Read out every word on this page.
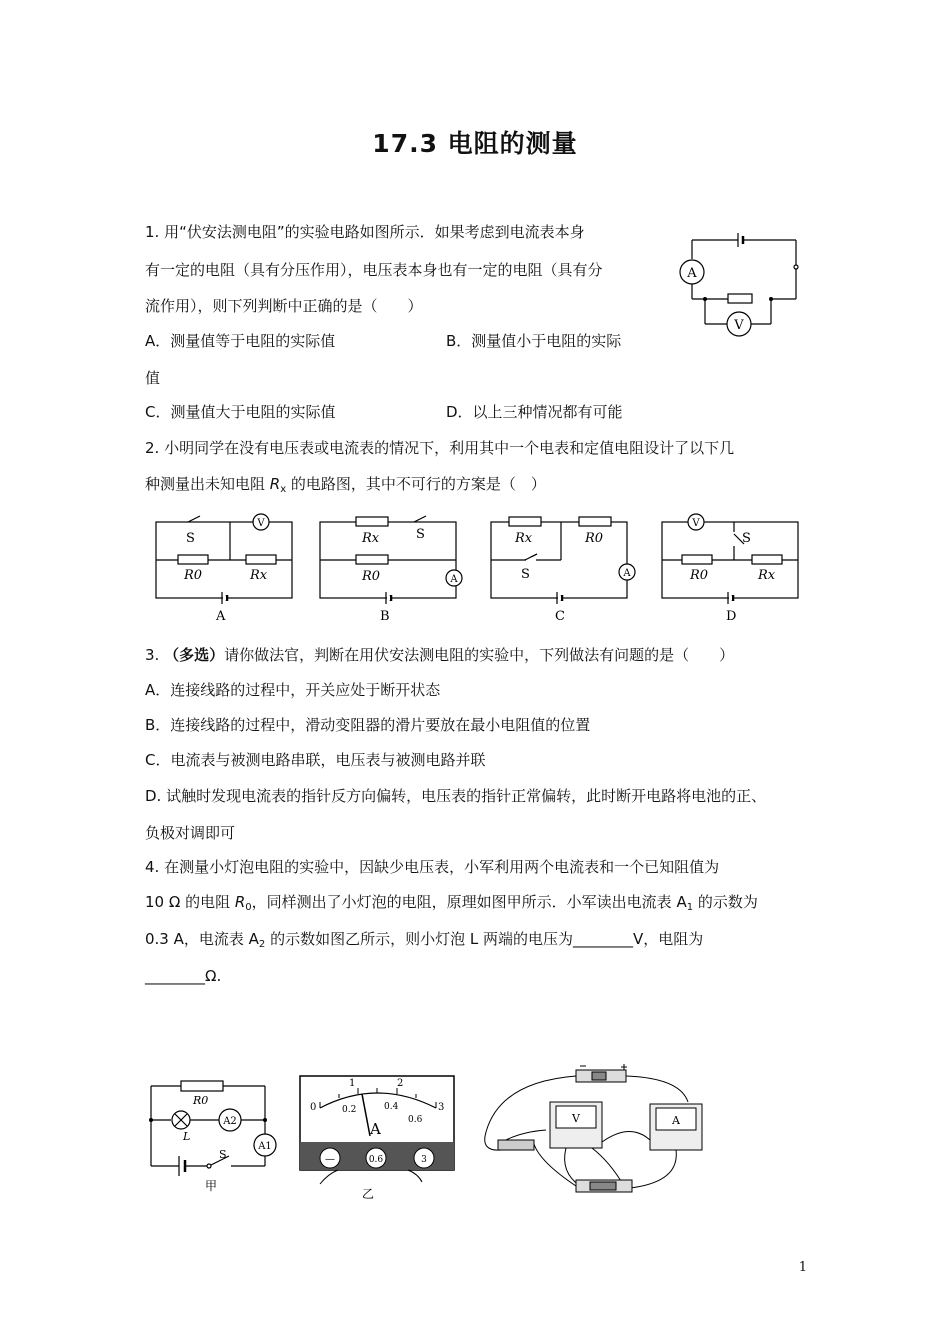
17.3 电阻的测量
1. 用“伏安法测电阻”的实验电路如图所示．如果考虑到电流表本身
有一定的电阻（具有分压作用），电压表本身也有一定的电阻（具有分
流作用），则下列判断中正确的是（　　）
A．测量值等于电阻的实际值	B．测量值小于电阻的实际
值
C．测量值大于电阻的实际值	D．以上三种情况都有可能
A
V
2. 小明同学在没有电压表或电流表的情况下，利用其中一个电表和定值电阻设计了以下几
种测量出未知电阻 $R_x$ 的电路图，其中不可行的方案是（　）
V
S
R0	Rx
A
A
Rx	S
R0
B
A
Rx	R0
S
C
V
S
R0	Rx
D
3. （多选）请你做法官，判断在用伏安法测电阻的实验中，下列做法有问题的是（　　）
A．连接线路的过程中，开关应处于断开状态
B．连接线路的过程中，滑动变阻器的滑片要放在最小电阻值的位置
C．电流表与被测电路串联，电压表与被测电路并联
D. 试触时发现电流表的指针反方向偏转，电压表的指针正常偏转，此时断开电路将电池的正、
负极对调即可
4. 在测量小灯泡电阻的实验中，因缺少电压表，小军利用两个电流表和一个已知阻值为
10 Ω 的电阻 $R_0$，同样测出了小灯泡的电阻，原理如图甲所示．小军读出电流表 $A_1$ 的示数为
0.3 A，电流表 $A_2$ 的示数如图乙所示，则小灯泡 L 两端的电压为________V，电阻为
________Ω.
R0
L
A2
A1
S
甲
0
1	2
3
0.2	0.4
0.6
A
—	0.6	3
乙
V	A
1
